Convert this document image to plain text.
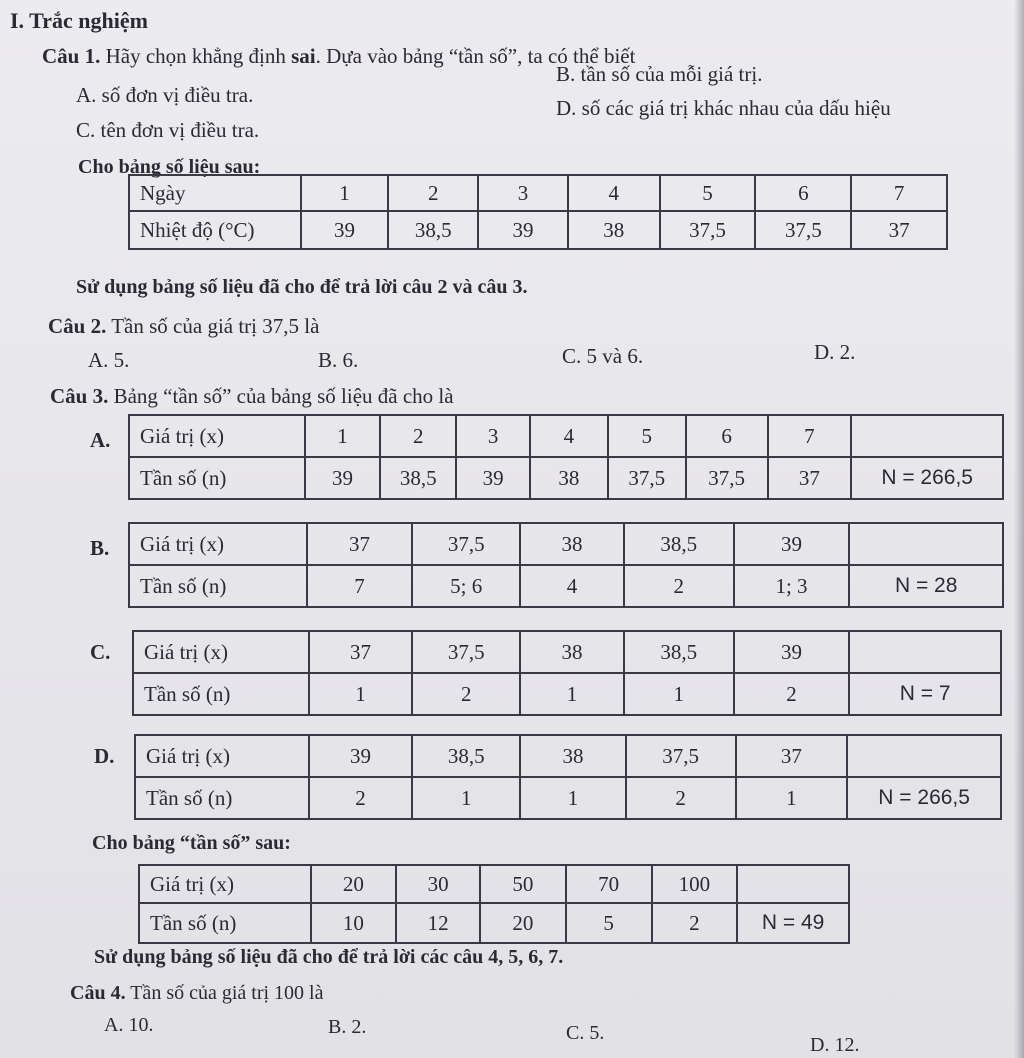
I. Trắc nghiệm
Câu 1. Hãy chọn khẳng định sai. Dựa vào bảng “tần số”, ta có thể biết
A. số đơn vị điều tra.
B. tần số của mỗi giá trị.
C. tên đơn vị điều tra.
D. số các giá trị khác nhau của dấu hiệu
Cho bảng số liệu sau:
Ngày	1	2	3	4	5	6	7
Nhiệt độ (°C)	39	38,5	39	38	37,5	37,5	37
Sử dụng bảng số liệu đã cho để trả lời câu 2 và câu 3.
Câu 2. Tần số của giá trị 37,5 là
A. 5.	B. 6.	C. 5 và 6.	D. 2.
Câu 3. Bảng “tần số” của bảng số liệu đã cho là
A. Giá trị (x)	1	2	3	4	5	6	7	
Tần số (n)	39	38,5	39	38	37,5	37,5	37	N = 266,5
B. Giá trị (x)	37	37,5	38	38,5	39	
Tần số (n)	7	5; 6	4	2	1; 3	N = 28
C. Giá trị (x)	37	37,5	38	38,5	39	
Tần số (n)	1	2	1	1	2	N = 7
D. Giá trị (x)	39	38,5	38	37,5	37	
Tần số (n)	2	1	1	2	1	N = 266,5
Cho bảng “tần số” sau:
Giá trị (x)	20	30	50	70	100	
Tần số (n)	10	12	20	5	2	N = 49
Sử dụng bảng số liệu đã cho để trả lời các câu 4, 5, 6, 7.
Câu 4. Tần số của giá trị 100 là
A. 10.	B. 2.	C. 5.
D. 12.
